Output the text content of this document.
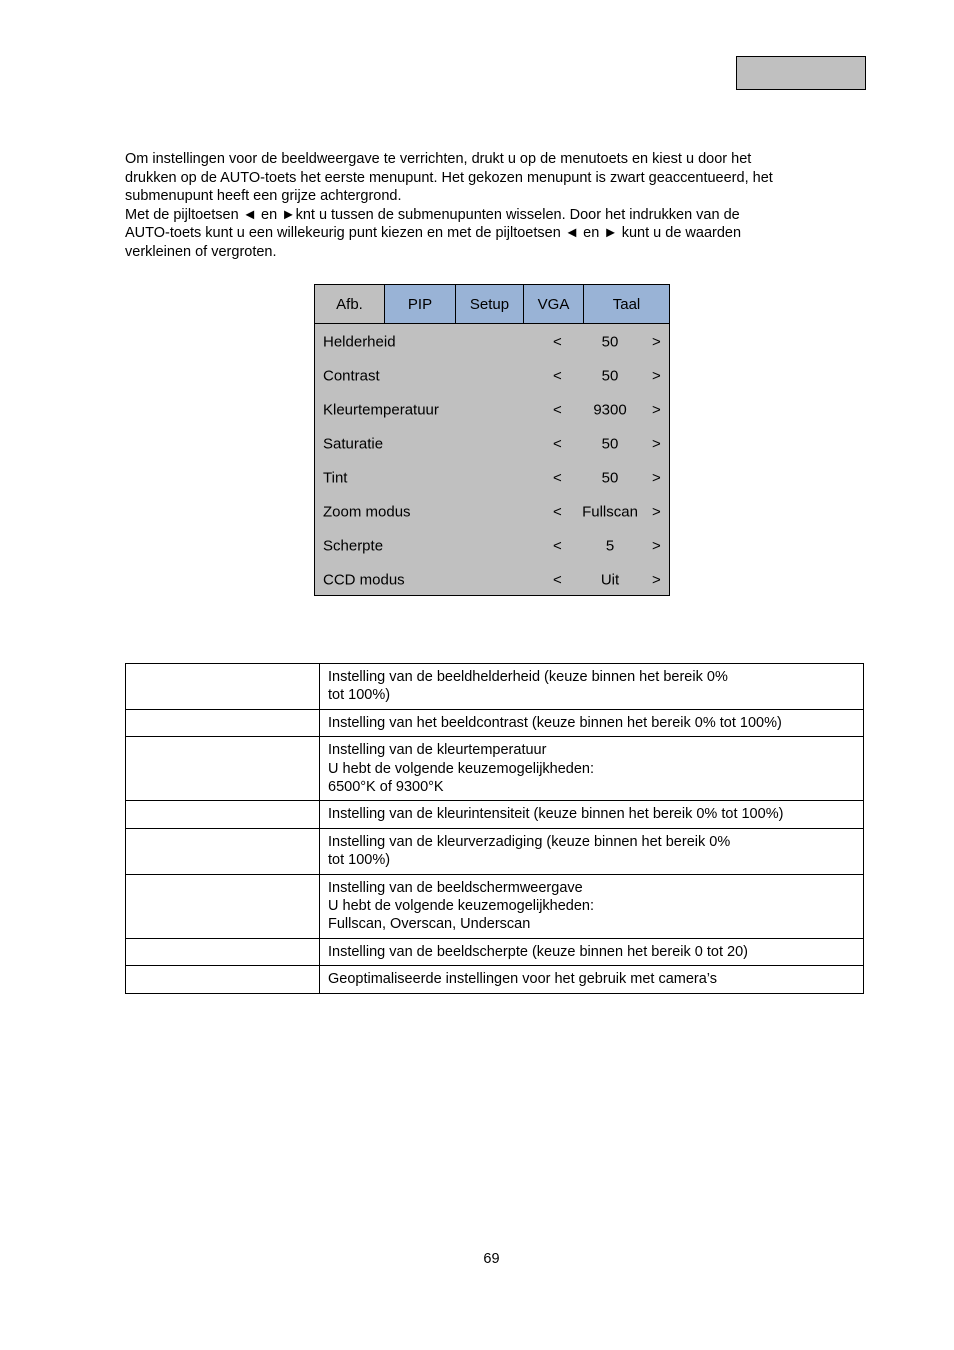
Om instellingen voor de beeldweergave te verrichten, drukt u op de menutoets en kiest u door het

drukken op de AUTO-toets het eerste menupunt. Het gekozen menupunt is zwart geaccentueerd, het

submenupunt heeft een grijze achtergrond.

Met de pijltoetsen ◄ en ►knt u tussen de submenupunten wisselen. Door het indrukken van de

AUTO-toets kunt u een willekeurig punt kiezen en met de pijltoetsen ◄ en ► kunt u de waarden

verkleinen of vergroten.

Afb.	PIP	Setup	VGA	Taal
Helderheid	<	50	>
Contrast	<	50	>
Kleurtemperatuur	<	9300	>
Saturatie	<	50	>
Tint	<	50	>
Zoom modus	<	Fullscan >
Scherpte	<	5	>
CCD modus	<	Uit	>

	Instelling van de beeldhelderheid (keuze binnen het bereik 0%
tot 100%)

	Instelling van het beeldcontrast (keuze binnen het bereik 0% tot 100%)

	Instelling van de kleurtemperatuur
U hebt de volgende keuzemogelijkheden:
6500°K of 9300°K

	Instelling van de kleurintensiteit (keuze binnen het bereik 0% tot 100%)

	Instelling van de kleurverzadiging (keuze binnen het bereik 0%
tot 100%)

	Instelling van de beeldschermweergave
U hebt de volgende keuzemogelijkheden:
Fullscan, Overscan, Underscan

	Instelling van de beeldscherpte (keuze binnen het bereik 0 tot 20)

	Geoptimaliseerde instellingen voor het gebruik met camera’s
69
